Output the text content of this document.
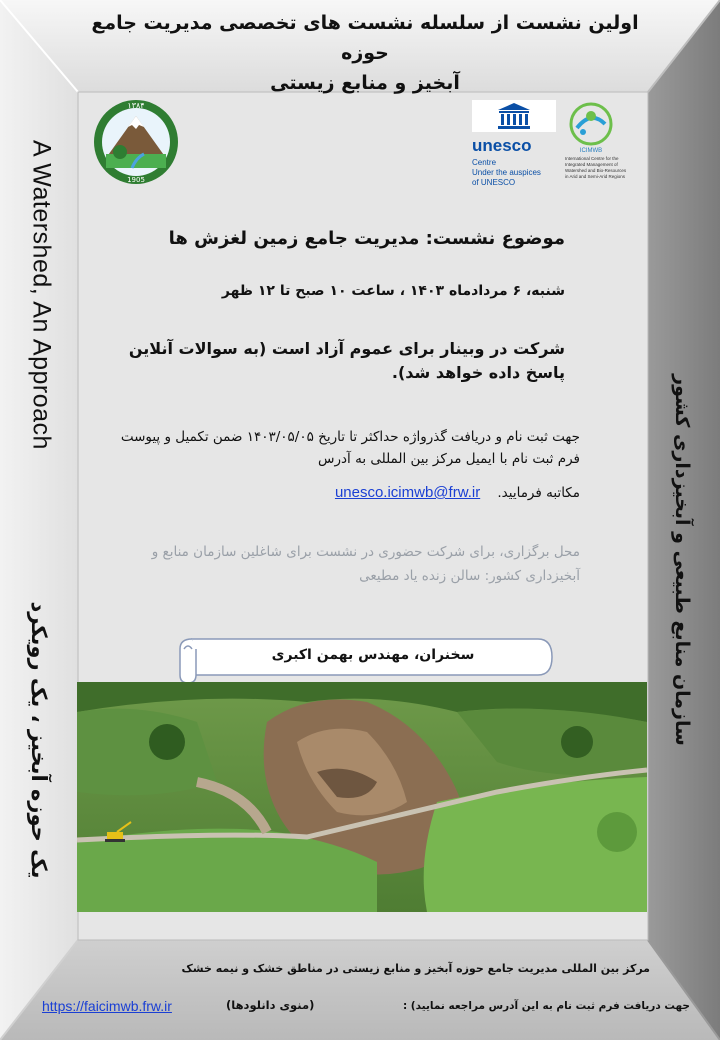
اولین نشست از سلسله نشست های تخصصی مدیریت جامع حوزه
آبخیز و منابع زیستی
A Watershed, An Approach
یک حوزه آبخیز ، یک رویکرد	سازمان منابع طبیعی و آبخیزداری کشور
۱۳۸۴
1905
unesco
Centre
Under the auspices
of UNESCO
ICIMWB
International Centre for the
Integrated Management of
Watershed and Bio-Resources
in Arid and Semi-Arid Regions
موضوع نشست: مدیریت جامع زمین لغزش ها
شنبه، ۶ مردادماه ۱۴۰۳ ، ساعت ۱۰ صبح تا ۱۲ ظهر
شرکت در وبینار برای عموم آزاد است (به سوالات آنلاین پاسخ داده خواهد شد).
جهت ثبت نام و دریافت گذرواژه حداکثر تا تاریخ ۱۴۰۳/۰۵/۰۵ ضمن تکمیل و پیوست فرم ثبت نام با ایمیل مرکز بین المللی به آدرس
مکاتبه فرمایید.    unesco.icimwb@frw.ir
محل برگزاری، برای شرکت حضوری در نشست برای شاغلین سازمان منابع و آبخیزداری کشور: سالن زنده یاد مطیعی
سخنران، مهندس بهمن اکبری
مرکز بین المللی مدیریت جامع حوزه آبخیز و منابع زیستی در مناطق خشک و نیمه خشک
جهت دریافت فرم ثبت نام به این آدرس مراجعه نمایید) :
(منوی دانلودها)
https://faicimwb.frw.ir
